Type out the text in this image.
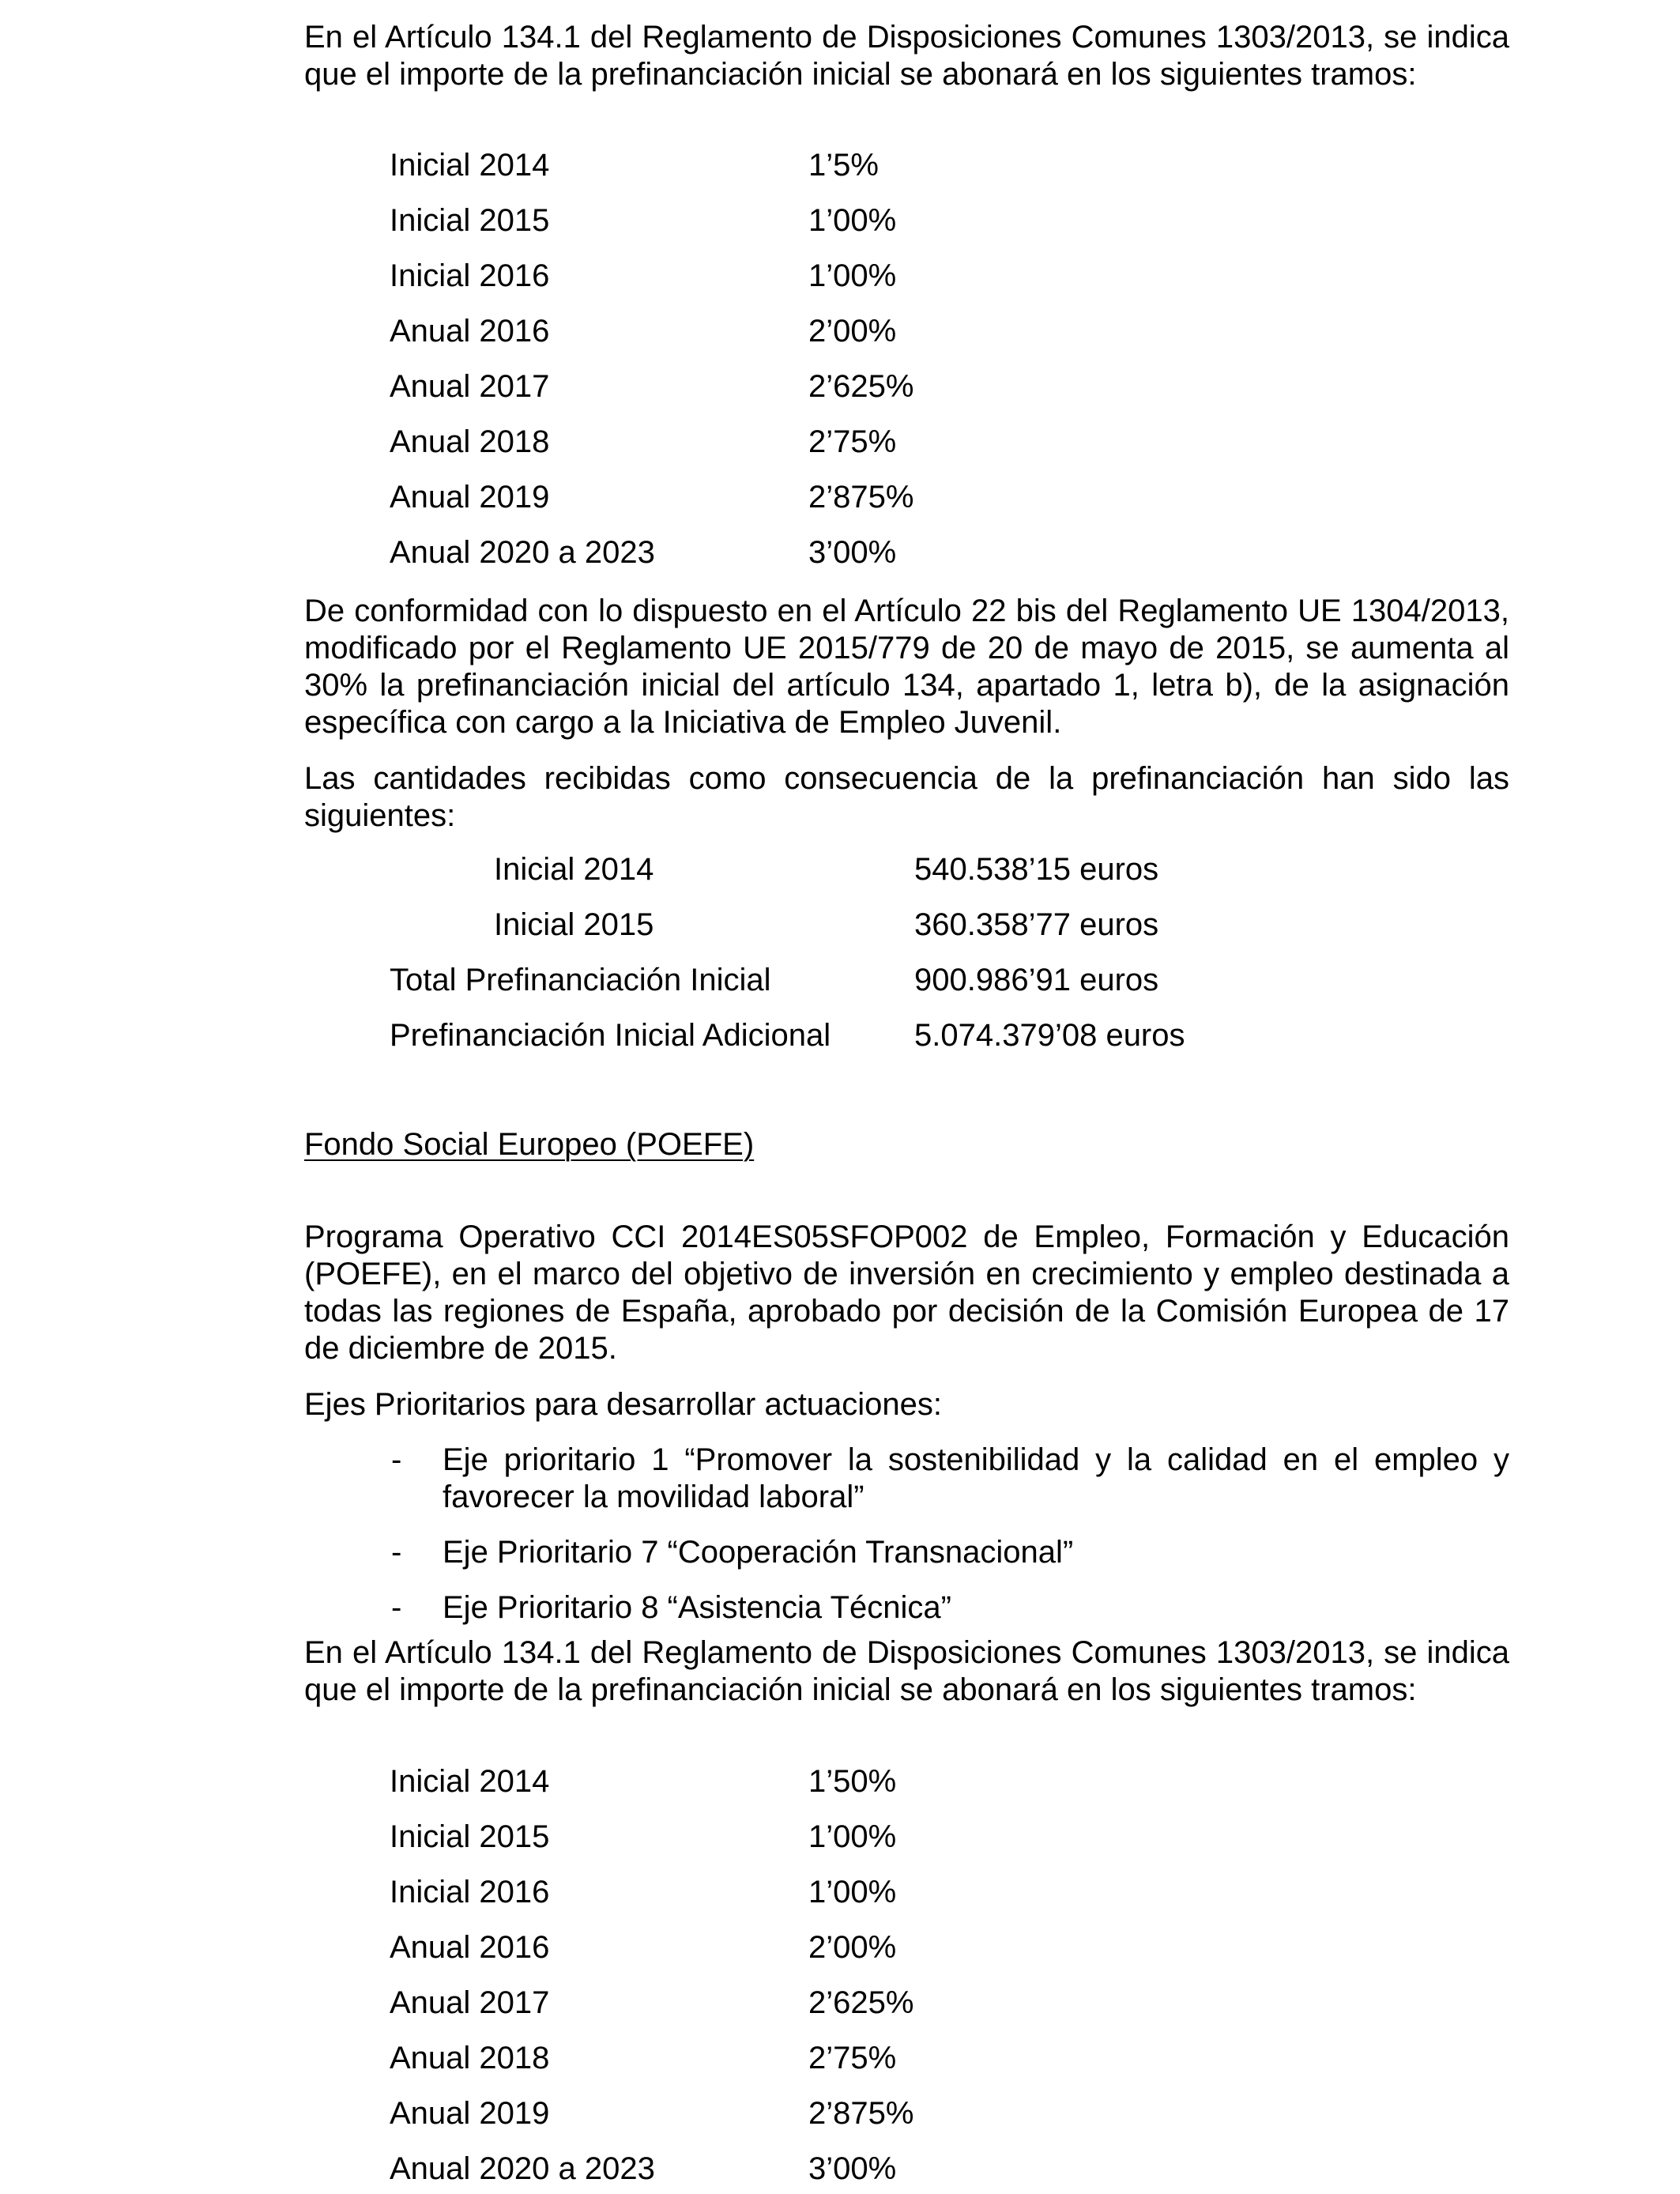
En el Artículo 134.1 del Reglamento de Disposiciones Comunes 1303/2013, se indica que el importe de la prefinanciación inicial se abonará en los siguientes tramos:

Inicial 2014	1’5%
Inicial 2015	1’00%
Inicial 2016	1’00%
Anual 2016	2’00%
Anual 2017	2’625%
Anual 2018	2’75%
Anual 2019	2’875%
Anual 2020 a 2023	3’00%

De conformidad con lo dispuesto en el Artículo 22 bis del Reglamento UE 1304/2013, modificado por el Reglamento UE 2015/779 de 20 de mayo de 2015, se aumenta al 30% la prefinanciación inicial del artículo 134, apartado 1, letra b), de la asignación específica con cargo a la Iniciativa de Empleo Juvenil.

Las cantidades recibidas como consecuencia de la prefinanciación han sido las siguientes:

Inicial 2014	540.538’15 euros
Inicial 2015	360.358’77 euros
Total Prefinanciación Inicial	900.986’91 euros
Prefinanciación Inicial Adicional	5.074.379’08 euros
Fondo Social Europeo (POEFE)

Programa Operativo CCI 2014ES05SFOP002 de Empleo, Formación y Educación (POEFE), en el marco del objetivo de inversión en crecimiento y empleo destinada a todas las regiones de España, aprobado por decisión de la Comisión Europea de 17 de diciembre de 2015.

Ejes Prioritarios para desarrollar actuaciones:

- Eje prioritario 1 “Promover la sostenibilidad y la calidad en el empleo y favorecer la movilidad laboral”

- Eje Prioritario 7 “Cooperación Transnacional”

- Eje Prioritario 8 “Asistencia Técnica”

En el Artículo 134.1 del Reglamento de Disposiciones Comunes 1303/2013, se indica que el importe de la prefinanciación inicial se abonará en los siguientes tramos:

Inicial 2014	1’50%
Inicial 2015	1’00%
Inicial 2016	1’00%
Anual 2016	2’00%
Anual 2017	2’625%
Anual 2018	2’75%
Anual 2019	2’875%
Anual 2020 a 2023	3’00%
